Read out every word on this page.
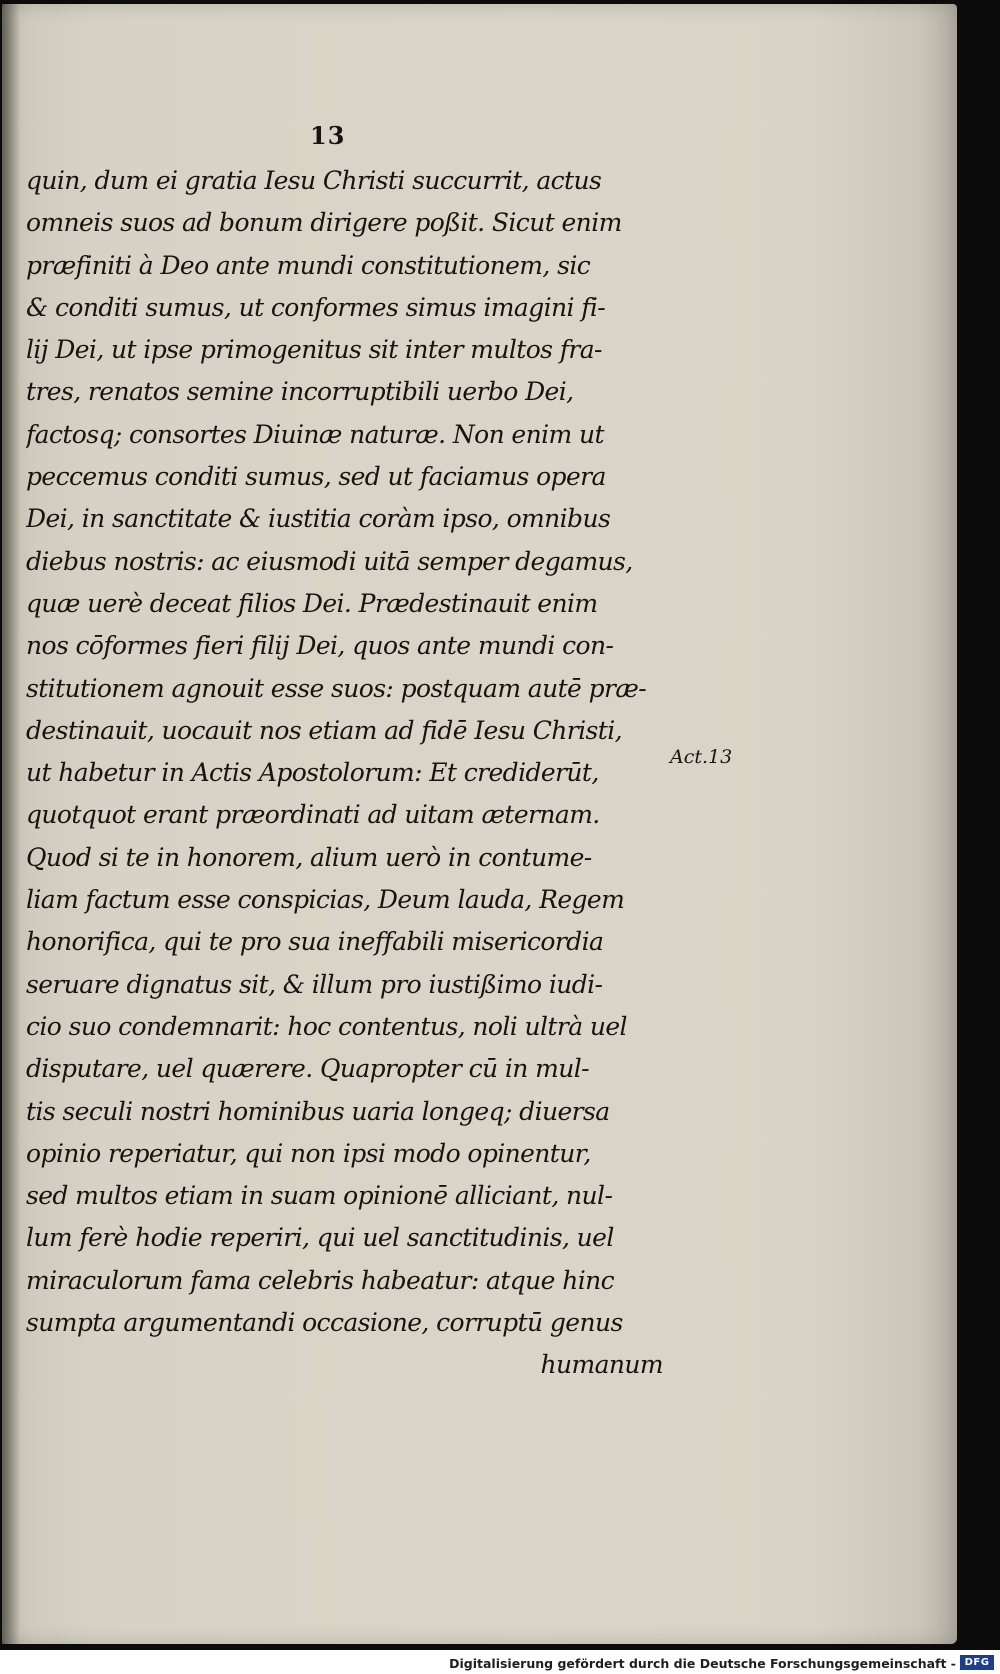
13
quin, dum ei gratia Iesu Christi succurrit, actus
omneis suos ad bonum dirigere poßit. Sicut enim
præfiniti à Deo ante mundi constitutionem, sic
& conditi sumus, ut conformes simus imagini fi-
lij Dei, ut ipse primogenitus sit inter multos fra-
tres, renatos semine incorruptibili uerbo Dei,
factosq; consortes Diuinæ naturæ. Non enim ut
peccemus conditi sumus, sed ut faciamus opera
Dei, in sanctitate & iustitia coràm ipso, omnibus
diebus nostris: ac eiusmodi uitā semper degamus,
quæ uerè deceat filios Dei. Prædestinauit enim
nos cōformes fieri filij Dei, quos ante mundi con-
stitutionem agnouit esse suos: postquam autē præ-
destinauit, uocauit nos etiam ad fidē Iesu Christi,
ut habetur in Actis Apostolorum: Et crediderūt,
quotquot erant præordinati ad uitam æternam.
Quod si te in honorem, alium uerò in contume-
liam factum esse conspicias, Deum lauda, Regem
honorifica, qui te pro sua ineffabili misericordia
seruare dignatus sit, & illum pro iustißimo iudi-
cio suo condemnarit: hoc contentus, noli ultrà uel
disputare, uel quærere. Quapropter cū in mul-
tis seculi nostri hominibus uaria longeq; diuersa
opinio reperiatur, qui non ipsi modo opinentur,
sed multos etiam in suam opinionē alliciant, nul-
lum ferè hodie reperiri, qui uel sanctitudinis, uel
miraculorum fama celebris habeatur: atque hinc
sumpta argumentandi occasione, corruptū genus
humanum
Act.13
Digitalisierung gefördert durch die Deutsche Forschungsgemeinschaft - DFG
